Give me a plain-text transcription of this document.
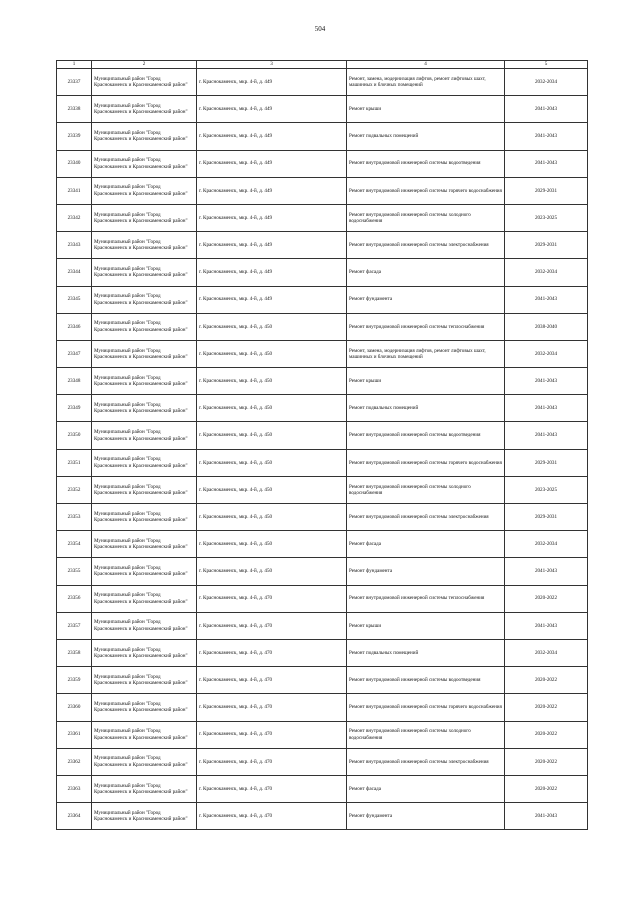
504
1	2	3	4	5
23337	Муниципальный район "Город Краснокаменск и Краснокаменский район"	г. Краснокаменск, мкр. 4-й, д. 449	Ремонт, замена, модернизация лифтов, ремонт лифтовых шахт, машинных и блочных помещений	2032-2034
23338	Муниципальный район "Город Краснокаменск и Краснокаменский район"	г. Краснокаменск, мкр. 4-й, д. 449	Ремонт крыши	2041-2043
23339	Муниципальный район "Город Краснокаменск и Краснокаменский район"	г. Краснокаменск, мкр. 4-й, д. 449	Ремонт подвальных помещений	2041-2043
23340	Муниципальный район "Город Краснокаменск и Краснокаменский район"	г. Краснокаменск, мкр. 4-й, д. 449	Ремонт внутридомовой инженерной системы водоотведения	2041-2043
23341	Муниципальный район "Город Краснокаменск и Краснокаменский район"	г. Краснокаменск, мкр. 4-й, д. 449	Ремонт внутридомовой инженерной системы горячего водоснабжения	2029-2031
23342	Муниципальный район "Город Краснокаменск и Краснокаменский район"	г. Краснокаменск, мкр. 4-й, д. 449	Ремонт внутридомовой инженерной системы холодного водоснабжения	2023-2025
23343	Муниципальный район "Город Краснокаменск и Краснокаменский район"	г. Краснокаменск, мкр. 4-й, д. 449	Ремонт внутридомовой инженерной системы электроснабжения	2029-2031
23344	Муниципальный район "Город Краснокаменск и Краснокаменский район"	г. Краснокаменск, мкр. 4-й, д. 449	Ремонт фасада	2032-2034
23345	Муниципальный район "Город Краснокаменск и Краснокаменский район"	г. Краснокаменск, мкр. 4-й, д. 449	Ремонт фундамента	2041-2043
23346	Муниципальный район "Город Краснокаменск и Краснокаменский район"	г. Краснокаменск, мкр. 4-й, д. 450	Ремонт внутридомовой инженерной системы теплоснабжения	2038-2040
23347	Муниципальный район "Город Краснокаменск и Краснокаменский район"	г. Краснокаменск, мкр. 4-й, д. 450	Ремонт, замена, модернизация лифтов, ремонт лифтовых шахт, машинных и блочных помещений	2032-2034
23348	Муниципальный район "Город Краснокаменск и Краснокаменский район"	г. Краснокаменск, мкр. 4-й, д. 450	Ремонт крыши	2041-2043
23349	Муниципальный район "Город Краснокаменск и Краснокаменский район"	г. Краснокаменск, мкр. 4-й, д. 450	Ремонт подвальных помещений	2041-2043
23350	Муниципальный район "Город Краснокаменск и Краснокаменский район"	г. Краснокаменск, мкр. 4-й, д. 450	Ремонт внутридомовой инженерной системы водоотведения	2041-2043
23351	Муниципальный район "Город Краснокаменск и Краснокаменский район"	г. Краснокаменск, мкр. 4-й, д. 450	Ремонт внутридомовой инженерной системы горячего водоснабжения	2029-2031
23352	Муниципальный район "Город Краснокаменск и Краснокаменский район"	г. Краснокаменск, мкр. 4-й, д. 450	Ремонт внутридомовой инженерной системы холодного водоснабжения	2023-2025
23353	Муниципальный район "Город Краснокаменск и Краснокаменский район"	г. Краснокаменск, мкр. 4-й, д. 450	Ремонт внутридомовой инженерной системы электроснабжения	2029-2031
23354	Муниципальный район "Город Краснокаменск и Краснокаменский район"	г. Краснокаменск, мкр. 4-й, д. 450	Ремонт фасада	2032-2034
23355	Муниципальный район "Город Краснокаменск и Краснокаменский район"	г. Краснокаменск, мкр. 4-й, д. 450	Ремонт фундамента	2041-2043
23356	Муниципальный район "Город Краснокаменск и Краснокаменский район"	г. Краснокаменск, мкр. 4-й, д. 470	Ремонт внутридомовой инженерной системы теплоснабжения	2020-2022
23357	Муниципальный район "Город Краснокаменск и Краснокаменский район"	г. Краснокаменск, мкр. 4-й, д. 470	Ремонт крыши	2041-2043
23358	Муниципальный район "Город Краснокаменск и Краснокаменский район"	г. Краснокаменск, мкр. 4-й, д. 470	Ремонт подвальных помещений	2032-2034
23359	Муниципальный район "Город Краснокаменск и Краснокаменский район"	г. Краснокаменск, мкр. 4-й, д. 470	Ремонт внутридомовой инженерной системы водоотведения	2020-2022
23360	Муниципальный район "Город Краснокаменск и Краснокаменский район"	г. Краснокаменск, мкр. 4-й, д. 470	Ремонт внутридомовой инженерной системы горячего водоснабжения	2020-2022
23361	Муниципальный район "Город Краснокаменск и Краснокаменский район"	г. Краснокаменск, мкр. 4-й, д. 470	Ремонт внутридомовой инженерной системы холодного водоснабжения	2020-2022
23362	Муниципальный район "Город Краснокаменск и Краснокаменский район"	г. Краснокаменск, мкр. 4-й, д. 470	Ремонт внутридомовой инженерной системы электроснабжения	2020-2022
23363	Муниципальный район "Город Краснокаменск и Краснокаменский район"	г. Краснокаменск, мкр. 4-й, д. 470	Ремонт фасада	2020-2022
23364	Муниципальный район "Город Краснокаменск и Краснокаменский район"	г. Краснокаменск, мкр. 4-й, д. 470	Ремонт фундамента	2041-2043
